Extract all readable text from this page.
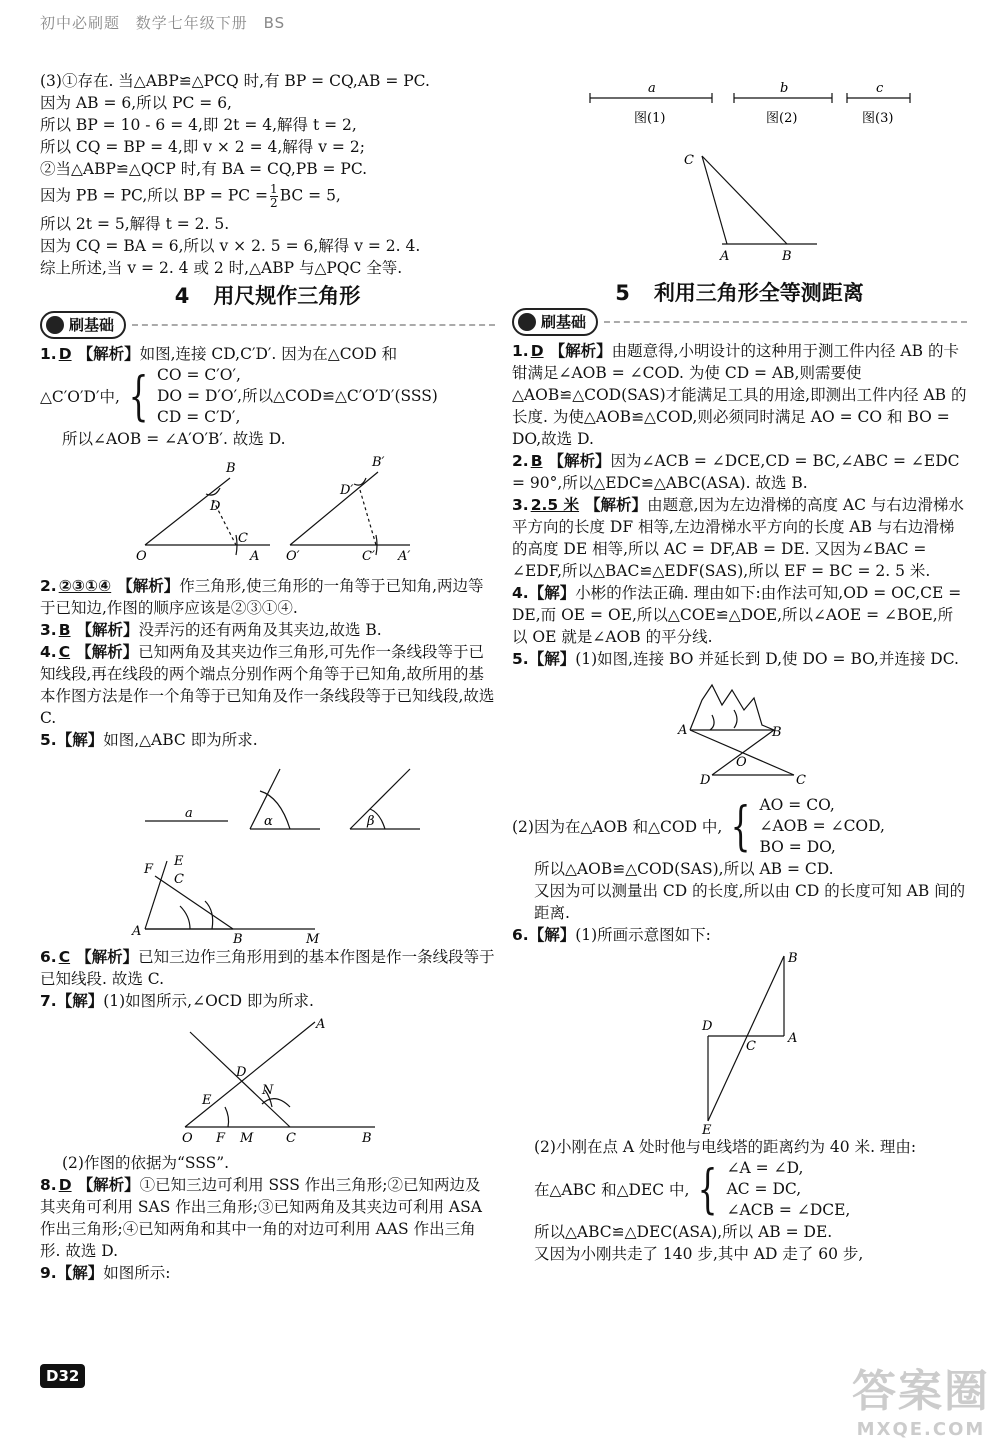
初中必刷题 数学七年级下册 BS

(3)①存在. 当△ABP≌△PCQ 时,有 BP = CQ,AB = PC.

因为 AB = 6,所以 PC = 6,

所以 BP = 10 - 6 = 4,即 2t = 4,解得 t = 2,

所以 CQ = BP = 4,即 v × 2 = 4,解得 v = 2;

②当△ABP≌△QCP 时,有 BA = CQ,PB = PC.

因为 PB = PC,所以 BP = PC = $\frac{1}{2}$ BC = 5,

所以 2t = 5,解得 t = 2. 5.

因为 CQ = BA = 6,所以 v × 2. 5 = 6,解得 v = 2. 4.

综上所述,当 v = 2. 4 或 2 时,△ABP 与△PQC 全等.

4 用尺规作三角形
刷基础

1. D 【解析】如图,连接 CD,C′D′. 因为在△COD 和

△C′O′D′中, { CO = C′O′,

DO = D′O′,所以△COD≌△C′O′D′(SSS)

CD = C′D′,

所以∠AOB = ∠A′O′B′. 故选 D.

O	A
B
C
D
O′	A′
B′
C′
D′

2. ②③①④ 【解析】作三角形,使三角形的一角等于已知角,两边等于已知边,作图的顺序应该是②③①④.

3. B 【解析】没弄污的还有两角及其夹边,故选 B.

4. C 【解析】已知两角及其夹边作三角形,可先作一条线段等于已知线段,再在线段的两个端点分别作两个角等于已知角,故所用的基本作图方法是作一个角等于已知角及作一条线段等于已知线段,故选 C.

5.【解】如图,△ABC 即为所求.

a
α	β
A
B
C
E
F
M

6. C 【解析】已知三边作三角形用到的基本作图是作一条线段等于已知线段. 故选 C.

7.【解】(1)如图所示,∠OCD 即为所求.

O F M	C	B
E
D
N
A

(2)作图的依据为“SSS”.

8. D 【解析】①已知三边可利用 SSS 作出三角形;②已知两边及其夹角可利用 SAS 作出三角形;③已知两角及其夹边可利用 ASA 作出三角形;④已知两角和其中一角的对边可利用 AAS 作出三角形. 故选 D.

9.【解】如图所示:

a	b	c
图(1)	图(2)	图(3)
A	B
C
5 利用三角形全等测距离
刷基础

1. D 【解析】由题意得,小明设计的这种用于测工件内径 AB 的卡钳满足∠AOB = ∠COD. 为使 CD = AB,则需要使△AOB≌△COD(SAS)才能满足工具的用途,即测出工件内径 AB 的长度. 为使△AOB≌△COD,则必须同时满足 AO = CO 和 BO = DO,故选 D.

2. B 【解析】因为∠ACB = ∠DCE,CD = BC,∠ABC = ∠EDC = 90°,所以△EDC≌△ABC(ASA). 故选 B.

3. 2.5 米 【解析】由题意,因为左边滑梯的高度 AC 与右边滑梯水平方向的长度 DF 相等,左边滑梯水平方向的长度 AB 与右边滑梯的高度 DE 相等,所以 AC = DF,AB = DE. 又因为∠BAC = ∠EDF,所以△BAC≌△EDF(SAS),所以 EF = BC = 2. 5 米.

4.【解】小彬的作法正确. 理由如下:由作法可知,OD = OC,CE = DE,而 OE = OE,所以△COE≌△DOE,所以∠AOE = ∠BOE,所以 OE 就是∠AOB 的平分线.

5.【解】(1)如图,连接 BO 并延长到 D,使 DO = BO,并连接 DC.

A	B
O
D	C
(2)因为在△AOB 和△COD 中, { AO = CO,

∠AOB = ∠COD,

BO = DO,

所以△AOB≌△COD(SAS),所以 AB = CD.

又因为可以测量出 CD 的长度,所以由 CD 的长度可知 AB 间的距离.

6.【解】(1)所画示意图如下:

B
D
C
A
E

(2)小刚在点 A 处时他与电线塔的距离约为 40 米. 理由:

在△ABC 和△DEC 中, { ∠A = ∠D,

AC = DC,

∠ACB = ∠DCE,

所以△ABC≌△DEC(ASA),所以 AB = DE.

又因为小刚共走了 140 步,其中 AD 走了 60 步,

D32	答案圈
MXQE.COM
